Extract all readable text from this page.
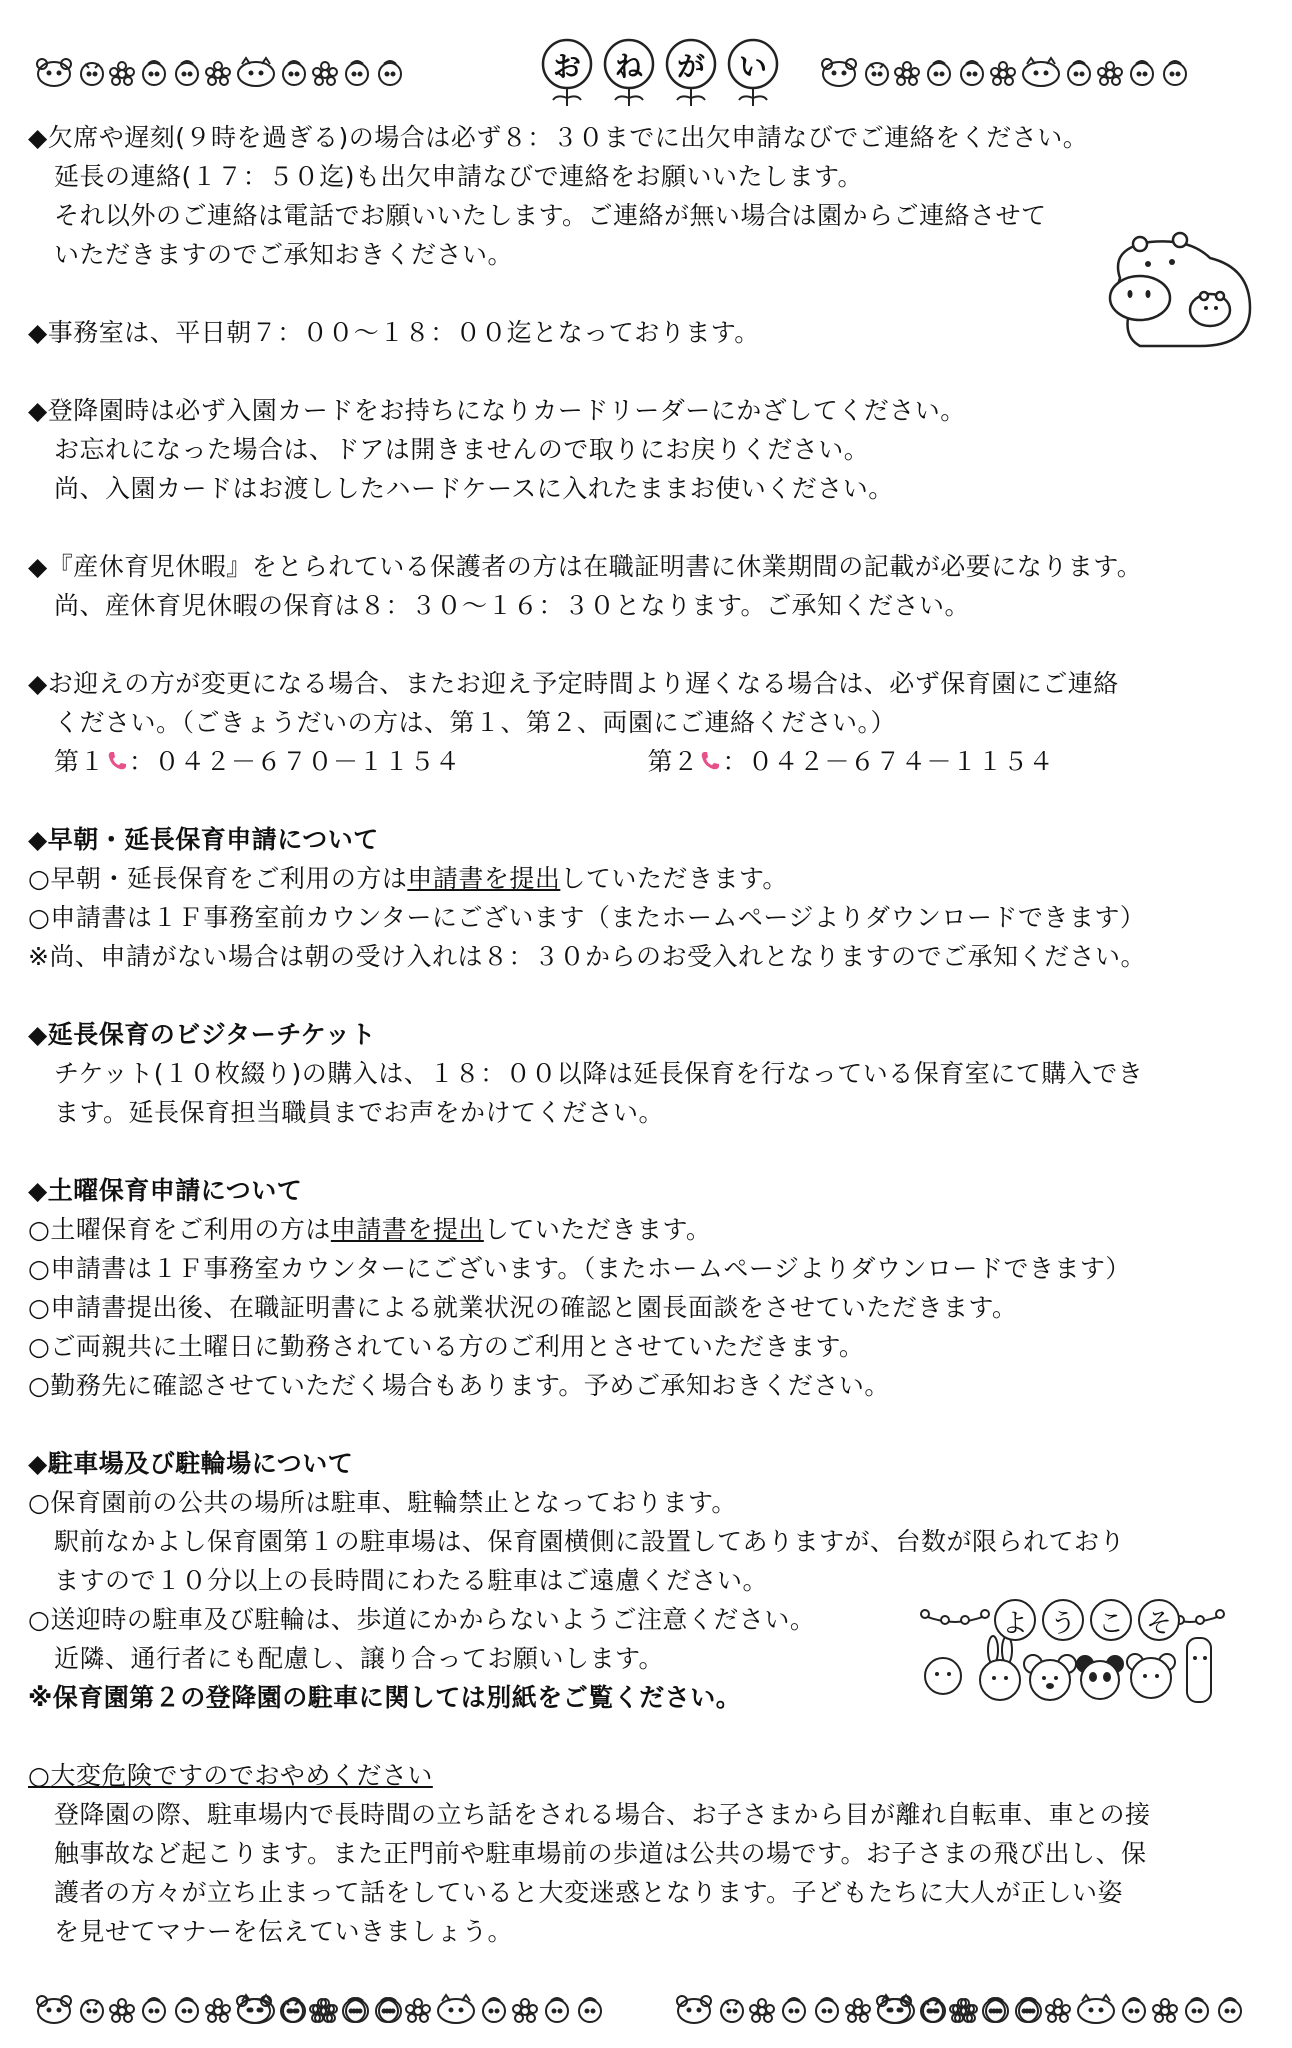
お ね が い
◆欠席や遅刻(９時を過ぎる)の場合は必ず８：３０までに出欠申請なびでご連絡をください。
延長の連絡(１７：５０迄)も出欠申請なびで連絡をお願いいたします。
それ以外のご連絡は電話でお願いいたします。ご連絡が無い場合は園からご連絡させて
いただきますのでご承知おきください。
◆事務室は、平日朝７：００～１８：００迄となっております。
◆登降園時は必ず入園カードをお持ちになりカードリーダーにかざしてください。
お忘れになった場合は、ドアは開きませんので取りにお戻りください。
尚、入園カードはお渡ししたハードケースに入れたままお使いください。
◆『産休育児休暇』をとられている保護者の方は在職証明書に休業期間の記載が必要になります。
尚、産休育児休暇の保育は８：３０～１６：３０となります。ご承知ください。
◆お迎えの方が変更になる場合、またお迎え予定時間より遅くなる場合は、必ず保育園にご連絡
ください。（ごきょうだいの方は、第１、第２、両園にご連絡ください。）
第１ ：０４２－６７０－１１５４	第２ ：０４２－６７４－１１５４
◆早朝・延長保育申請について
○早朝・延長保育をご利用の方は申請書を提出していただきます。
○申請書は１Ｆ事務室前カウンターにございます（またホームページよりダウンロードできます）
※尚、申請がない場合は朝の受け入れは８：３０からのお受入れとなりますのでご承知ください。
◆延長保育のビジターチケット
チケット(１０枚綴り)の購入は、１８：００以降は延長保育を行なっている保育室にて購入でき
ます。延長保育担当職員までお声をかけてください。
◆土曜保育申請について
○土曜保育をご利用の方は申請書を提出していただきます。
○申請書は１Ｆ事務室カウンターにございます。（またホームページよりダウンロードできます）
○申請書提出後、在職証明書による就業状況の確認と園長面談をさせていただきます。
○ご両親共に土曜日に勤務されている方のご利用とさせていただきます。
○勤務先に確認させていただく場合もあります。予めご承知おきください。
◆駐車場及び駐輪場について
○保育園前の公共の場所は駐車、駐輪禁止となっております。
駅前なかよし保育園第１の駐車場は、保育園横側に設置してありますが、台数が限られており
ますので１０分以上の長時間にわたる駐車はご遠慮ください。
○送迎時の駐車及び駐輪は、歩道にかからないようご注意ください。
近隣、通行者にも配慮し、譲り合ってお願いします。
※保育園第２の登降園の駐車に関しては別紙をご覧ください。
○大変危険ですのでおやめください
登降園の際、駐車場内で長時間の立ち話をされる場合、お子さまから目が離れ自転車、車との接
触事故など起こります。また正門前や駐車場前の歩道は公共の場です。お子さまの飛び出し、保
護者の方々が立ち止まって話をしていると大変迷惑となります。子どもたちに大人が正しい姿
を見せてマナーを伝えていきましょう。
よ う こ そ
